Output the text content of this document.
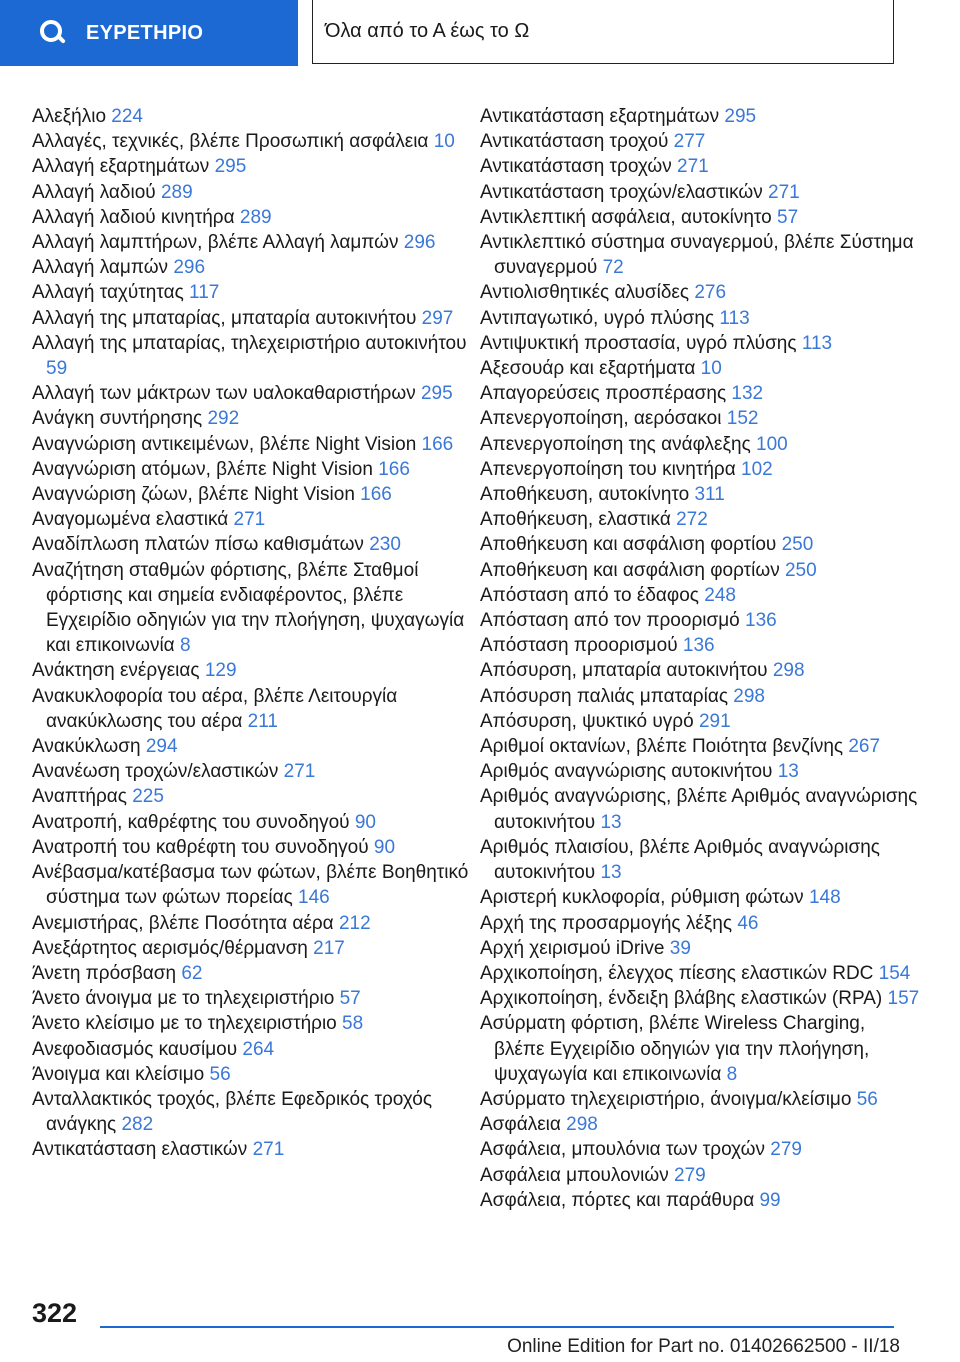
ΕΥΡΕΤΗΡΙΟ	Όλα από το Α έως το Ω
Αλεξήλιο 224
Αλλαγές, τεχνικές, βλέπε Προσωπική ασφάλεια 10
Αλλαγή εξαρτημάτων 295
Αλλαγή λαδιού 289
Αλλαγή λαδιού κινητήρα 289
Αλλαγή λαμπτήρων, βλέπε Αλλαγή λαμπών 296
Αλλαγή λαμπών 296
Αλλαγή ταχύτητας 117
Αλλαγή της μπαταρίας, μπαταρία αυτοκινήτου 297
Αλλαγή της μπαταρίας, τηλεχειριστήριο αυτοκινήτου 59
Αλλαγή των μάκτρων των υαλοκαθαριστήρων 295
Ανάγκη συντήρησης 292
Αναγνώριση αντικειμένων, βλέπε Night Vision 166
Αναγνώριση ατόμων, βλέπε Night Vision 166
Αναγνώριση ζώων, βλέπε Night Vision 166
Αναγομωμένα ελαστικά 271
Αναδίπλωση πλατών πίσω καθισμάτων 230
Αναζήτηση σταθμών φόρτισης, βλέπε Σταθμοί φόρτισης και σημεία ενδιαφέροντος, βλέπε Εγχειρίδιο οδηγιών για την πλοήγηση, ψυχαγωγία και επικοινωνία 8
Ανάκτηση ενέργειας 129
Ανακυκλοφορία του αέρα, βλέπε Λειτουργία ανακύκλωσης του αέρα 211
Ανακύκλωση 294
Ανανέωση τροχών/ελαστικών 271
Αναπτήρας 225
Ανατροπή, καθρέφτης του συνοδηγού 90
Ανατροπή του καθρέφτη του συνοδηγού 90
Ανέβασμα/κατέβασμα των φώτων, βλέπε Βοηθητικό σύστημα των φώτων πορείας 146
Ανεμιστήρας, βλέπε Ποσότητα αέρα 212
Ανεξάρτητος αερισμός/θέρμανση 217
Άνετη πρόσβαση 62
Άνετο άνοιγμα με το τηλεχειριστήριο 57
Άνετο κλείσιμο με το τηλεχειριστήριο 58
Ανεφοδιασμός καυσίμου 264
Άνοιγμα και κλείσιμο 56
Ανταλλακτικός τροχός, βλέπε Εφεδρικός τροχός ανάγκης 282
Αντικατάσταση ελαστικών 271
Αντικατάσταση εξαρτημάτων 295
Αντικατάσταση τροχού 277
Αντικατάσταση τροχών 271
Αντικατάσταση τροχών/ελαστικών 271
Αντικλεπτική ασφάλεια, αυτοκίνητο 57
Αντικλεπτικό σύστημα συναγερμού, βλέπε Σύστημα συναγερμού 72
Αντιολισθητικές αλυσίδες 276
Αντιπαγωτικό, υγρό πλύσης 113
Αντιψυκτική προστασία, υγρό πλύσης 113
Αξεσουάρ και εξαρτήματα 10
Απαγορεύσεις προσπέρασης 132
Απενεργοποίηση, αερόσακοι 152
Απενεργοποίηση της ανάφλεξης 100
Απενεργοποίηση του κινητήρα 102
Αποθήκευση, αυτοκίνητο 311
Αποθήκευση, ελαστικά 272
Αποθήκευση και ασφάλιση φορτίου 250
Αποθήκευση και ασφάλιση φορτίων 250
Απόσταση από το έδαφος 248
Απόσταση από τον προορισμό 136
Απόσταση προορισμού 136
Απόσυρση, μπαταρία αυτοκινήτου 298
Απόσυρση παλιάς μπαταρίας 298
Απόσυρση, ψυκτικό υγρό 291
Αριθμοί οκτανίων, βλέπε Ποιότητα βενζίνης 267
Αριθμός αναγνώρισης αυτοκινήτου 13
Αριθμός αναγνώρισης, βλέπε Αριθμός αναγνώρισης αυτοκινήτου 13
Αριθμός πλαισίου, βλέπε Αριθμός αναγνώρισης αυτοκινήτου 13
Αριστερή κυκλοφορία, ρύθμιση φώτων 148
Αρχή της προσαρμογής λέξης 46
Αρχή χειρισμού iDrive 39
Αρχικοποίηση, έλεγχος πίεσης ελαστικών RDC 154
Αρχικοποίηση, ένδειξη βλάβης ελαστικών (RPA) 157
Ασύρματη φόρτιση, βλέπε Wireless Charging, βλέπε Εγχειρίδιο οδηγιών για την πλοήγηση, ψυχαγωγία και επικοινωνία 8
Ασύρματο τηλεχειριστήριο, άνοιγμα/κλείσιμο 56
Ασφάλεια 298
Ασφάλεια, μπουλόνια των τροχών 279
Ασφάλεια μπουλονιών 279
Ασφάλεια, πόρτες και παράθυρα 99
322
Online Edition for Part no. 01402662500 - II/18
